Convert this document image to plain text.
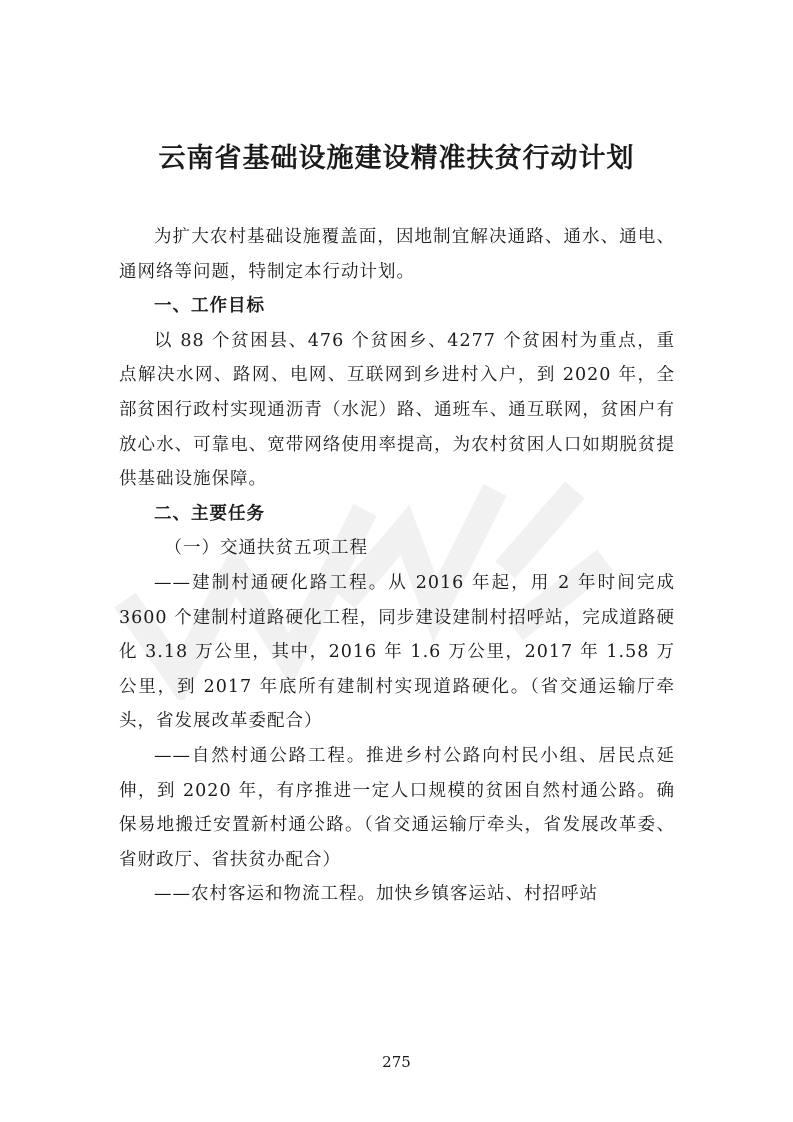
云南省基础设施建设精准扶贫行动计划

为扩大农村基础设施覆盖面，因地制宜解决通路、通水、通电、通网络等问题，特制定本行动计划。

一、工作目标

以 88 个贫困县、476 个贫困乡、4277 个贫困村为重点，重点解决水网、路网、电网、互联网到乡进村入户，到 2020 年，全部贫困行政村实现通沥青（水泥）路、通班车、通互联网，贫困户有放心水、可靠电、宽带网络使用率提高，为农村贫困人口如期脱贫提供基础设施保障。

二、主要任务

（一）交通扶贫五项工程

——建制村通硬化路工程。从 2016 年起，用 2 年时间完成 3600 个建制村道路硬化工程，同步建设建制村招呼站，完成道路硬化 3.18 万公里，其中，2016 年 1.6 万公里，2017 年 1.58 万公里，到 2017 年底所有建制村实现道路硬化。（省交通运输厅牵头，省发展改革委配合）

——自然村通公路工程。推进乡村公路向村民小组、居民点延伸，到 2020 年，有序推进一定人口规模的贫困自然村通公路。确保易地搬迁安置新村通公路。（省交通运输厅牵头，省发展改革委、省财政厅、省扶贫办配合）

——农村客运和物流工程。加快乡镇客运站、村招呼站

275
